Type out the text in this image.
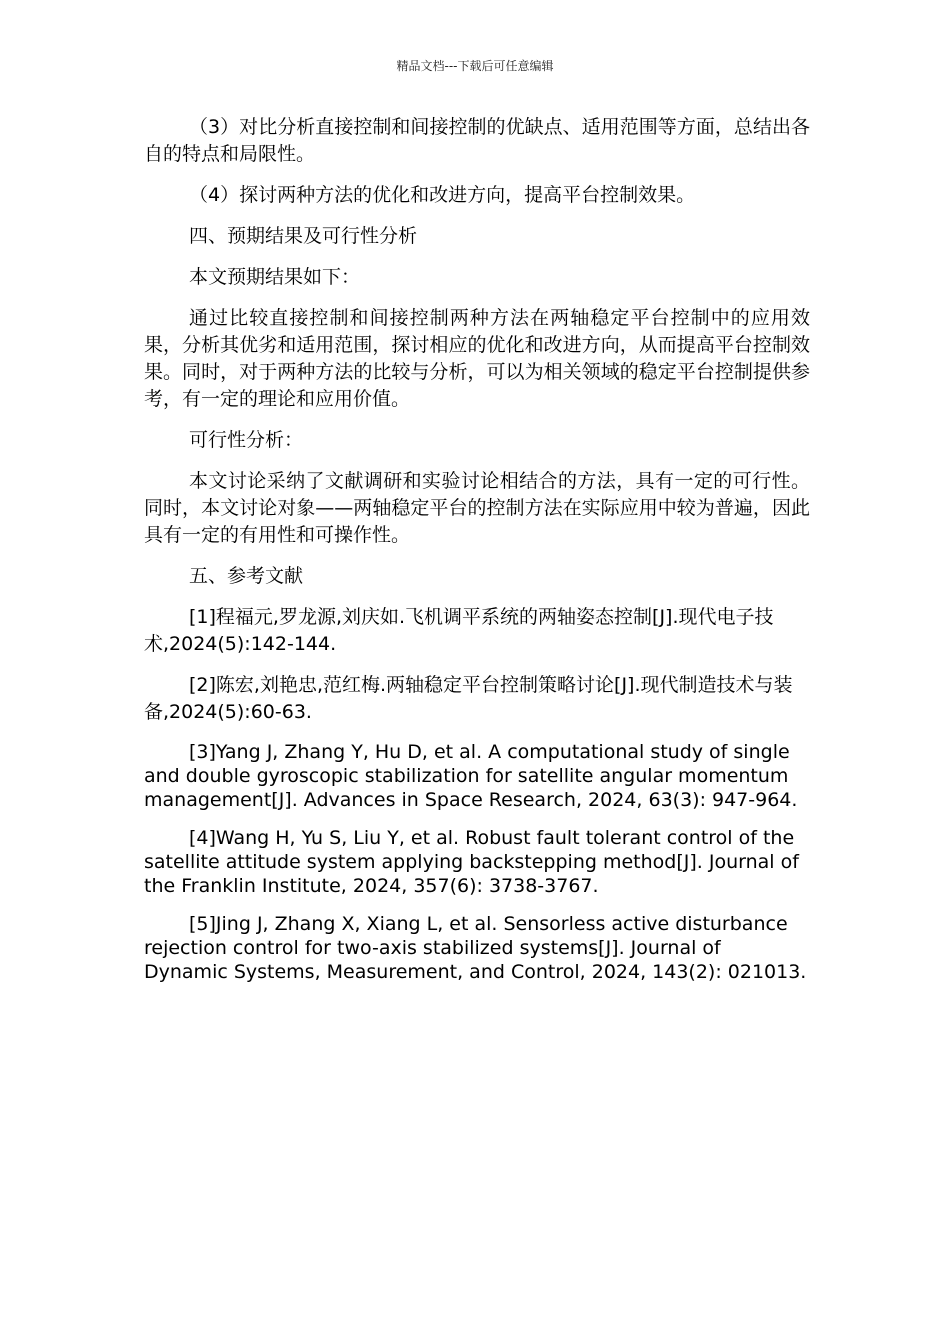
精品文档---下载后可任意编辑

（3）对比分析直接控制和间接控制的优缺点、适用范围等方面，总结出各自的特点和局限性。

（4）探讨两种方法的优化和改进方向，提高平台控制效果。

四、预期结果及可行性分析

本文预期结果如下：

通过比较直接控制和间接控制两种方法在两轴稳定平台控制中的应用效果，分析其优劣和适用范围，探讨相应的优化和改进方向，从而提高平台控制效果。同时，对于两种方法的比较与分析，可以为相关领域的稳定平台控制提供参考，有一定的理论和应用价值。

可行性分析：

本文讨论采纳了文献调研和实验讨论相结合的方法，具有一定的可行性。同时，本文讨论对象——两轴稳定平台的控制方法在实际应用中较为普遍，因此具有一定的有用性和可操作性。

五、参考文献

[1]程福元,罗龙源,刘庆如.飞机调平系统的两轴姿态控制[J].现代电子技术,2024(5):142-144.

[2]陈宏,刘艳忠,范红梅.两轴稳定平台控制策略讨论[J].现代制造技术与装备,2024(5):60-63.

[3]Yang J, Zhang Y, Hu D, et al. A computational study of single and double gyroscopic stabilization for satellite angular momentum management[J]. Advances in Space Research, 2024, 63(3): 947-964.

[4]Wang H, Yu S, Liu Y, et al. Robust fault tolerant control of the satellite attitude system applying backstepping method[J]. Journal of the Franklin Institute, 2024, 357(6): 3738-3767.

[5]Jing J, Zhang X, Xiang L, et al. Sensorless active disturbance rejection control for two-axis stabilized systems[J]. Journal of Dynamic Systems, Measurement, and Control, 2024, 143(2): 021013.
